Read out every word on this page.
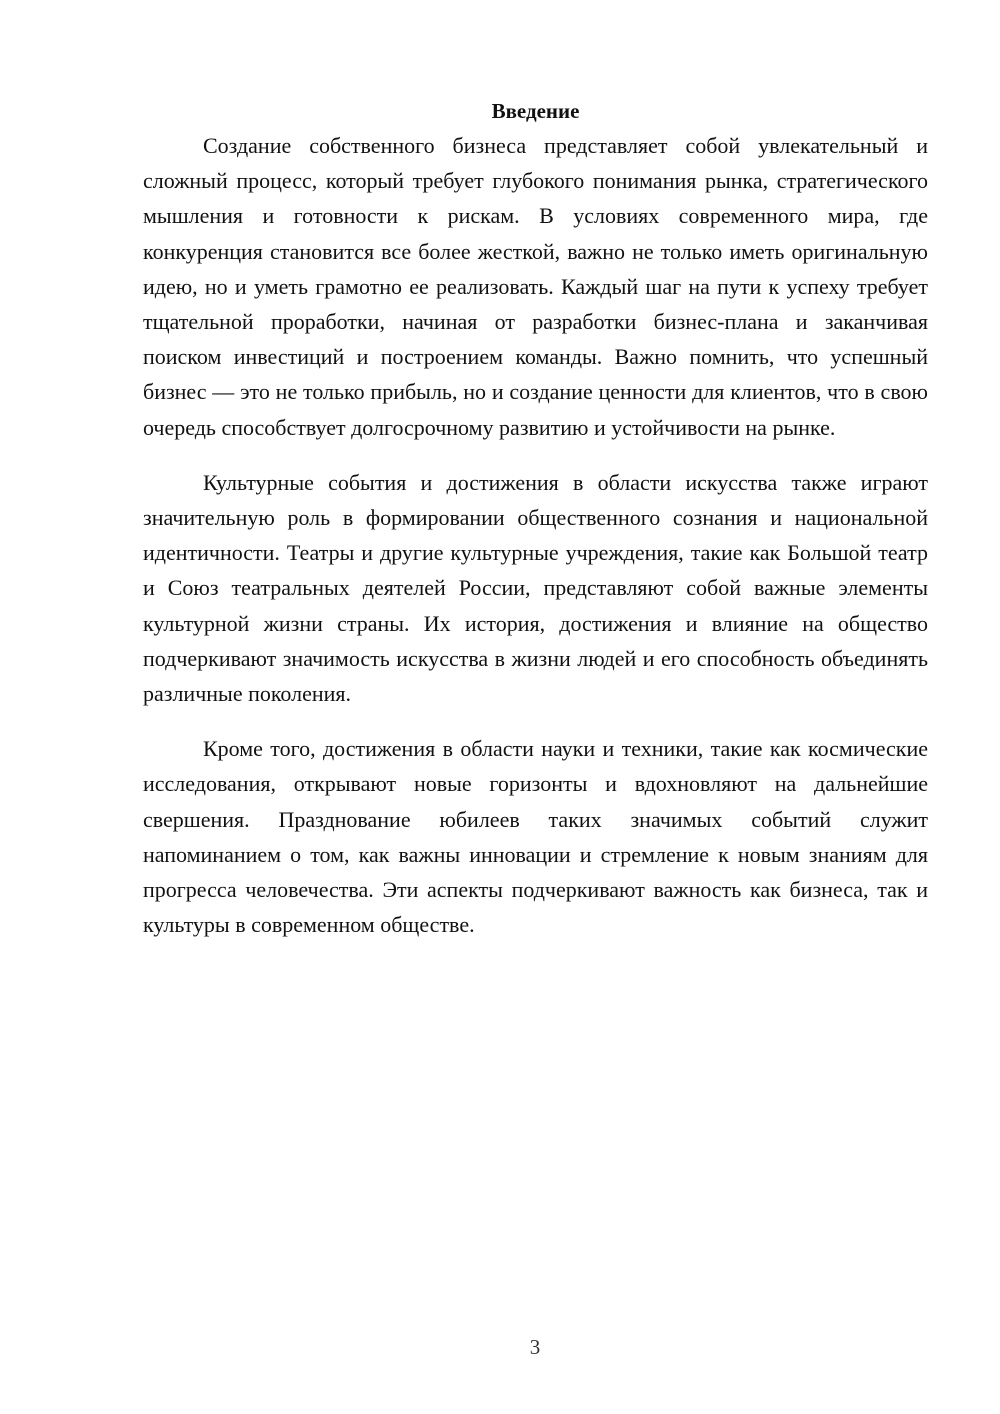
Введение

Создание собственного бизнеса представляет собой увлекательный и сложный процесс, который требует глубокого понимания рынка, стратегического мышления и готовности к рискам. В условиях современного мира, где конкуренция становится все более жесткой, важно не только иметь оригинальную идею, но и уметь грамотно ее реализовать. Каждый шаг на пути к успеху требует тщательной проработки, начиная от разработки бизнес-плана и заканчивая поиском инвестиций и построением команды. Важно помнить, что успешный бизнес — это не только прибыль, но и создание ценности для клиентов, что в свою очередь способствует долгосрочному развитию и устойчивости на рынке.

Культурные события и достижения в области искусства также играют значительную роль в формировании общественного сознания и национальной идентичности. Театры и другие культурные учреждения, такие как Большой театр и Союз театральных деятелей России, представляют собой важные элементы культурной жизни страны. Их история, достижения и влияние на общество подчеркивают значимость искусства в жизни людей и его способность объединять различные поколения.

Кроме того, достижения в области науки и техники, такие как космические исследования, открывают новые горизонты и вдохновляют на дальнейшие свершения. Празднование юбилеев таких значимых событий служит напоминанием о том, как важны инновации и стремление к новым знаниям для прогресса человечества. Эти аспекты подчеркивают важность как бизнеса, так и культуры в современном обществе.

3
